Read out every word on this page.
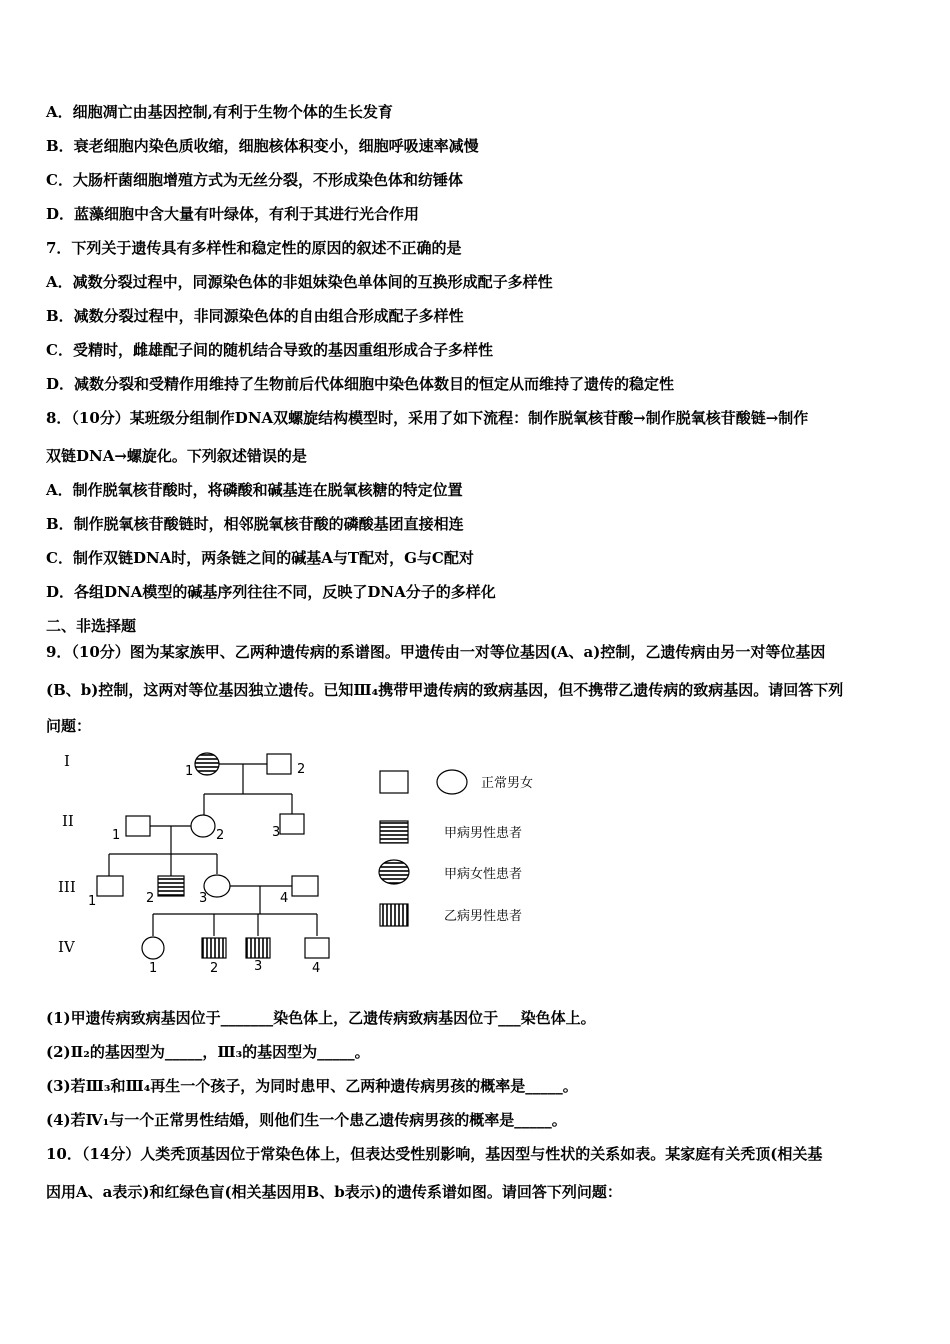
A．细胞凋亡由基因控制,有利于生物个体的生长发育
B．衰老细胞内染色质收缩，细胞核体积变小，细胞呼吸速率减慢
C．大肠杆菌细胞增殖方式为无丝分裂，不形成染色体和纺锤体
D．蓝藻细胞中含大量有叶绿体，有利于其进行光合作用
7．下列关于遗传具有多样性和稳定性的原因的叙述不正确的是
A．减数分裂过程中，同源染色体的非姐妹染色单体间的互换形成配子多样性
B．减数分裂过程中，非同源染色体的自由组合形成配子多样性
C．受精时，雌雄配子间的随机结合导致的基因重组形成合子多样性
D．减数分裂和受精作用维持了生物前后代体细胞中染色体数目的恒定从而维持了遗传的稳定性
8．（10分）某班级分组制作DNA双螺旋结构模型时，采用了如下流程：制作脱氧核苷酸→制作脱氧核苷酸链→制作
双链DNA→螺旋化。下列叙述错误的是
A．制作脱氧核苷酸时，将磷酸和碱基连在脱氧核糖的特定位置
B．制作脱氧核苷酸链时，相邻脱氧核苷酸的磷酸基团直接相连
C．制作双链DNA时，两条链之间的碱基A与T配对，G与C配对
D．各组DNA模型的碱基序列往往不同，反映了DNA分子的多样化
二、非选择题
9．（10分）图为某家族甲、乙两种遗传病的系谱图。甲遗传由一对等位基因(A、a)控制，乙遗传病由另一对等位基因
(B、b)控制，这两对等位基因独立遗传。已知Ⅲ₄携带甲遗传病的致病基因，但不携带乙遗传病的致病基因。请回答下列
问题：
I
II
III
IV
1	2
1	2	3
1	2	3	4
1	2	3	4
正常男女
甲病男性患者
甲病女性患者
乙病男性患者
(1)甲遗传病致病基因位于_______染色体上，乙遗传病致病基因位于___染色体上。
(2)Ⅱ₂的基因型为_____，Ⅲ₃的基因型为_____。
(3)若Ⅲ₃和Ⅲ₄再生一个孩子，为同时患甲、乙两种遗传病男孩的概率是_____。
(4)若Ⅳ₁与一个正常男性结婚，则他们生一个患乙遗传病男孩的概率是_____。
10．（14分）人类秃顶基因位于常染色体上，但表达受性别影响，基因型与性状的关系如表。某家庭有关秃顶(相关基
因用A、a表示)和红绿色盲(相关基因用B、b表示)的遗传系谱如图。请回答下列问题：
